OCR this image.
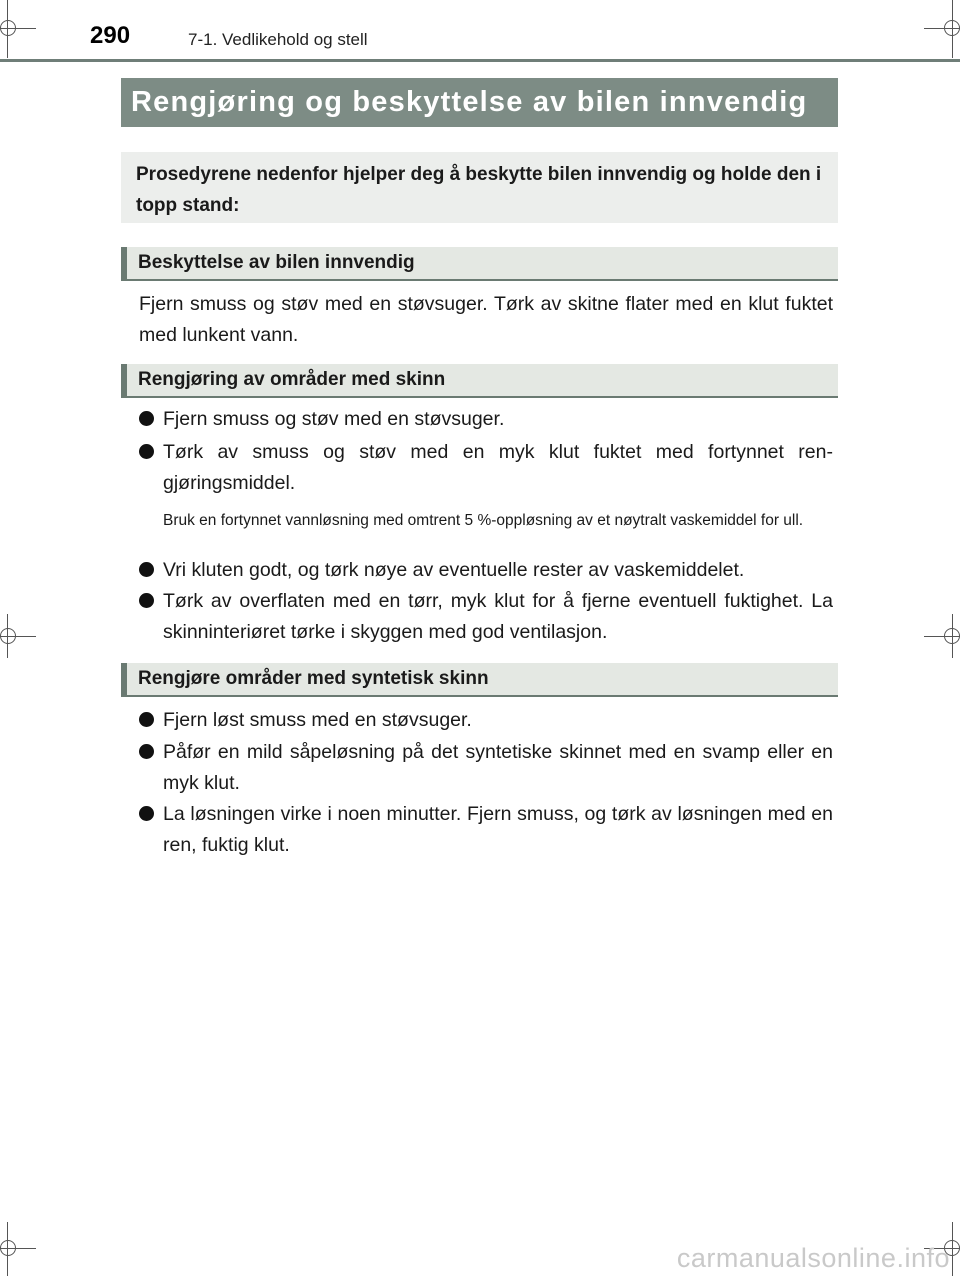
290	7-1. Vedlikehold og stell
Rengjøring og beskyttelse av bilen innvendig
Prosedyrene nedenfor hjelper deg å beskytte bilen innvendig og holde den i topp stand:
Beskyttelse av bilen innvendig
Fjern smuss og støv med en støvsuger. Tørk av skitne flater med en klut fuktet med lunkent vann.
Rengjøring av områder med skinn
Fjern smuss og støv med en støvsuger.
Tørk av smuss og støv med en myk klut fuktet med fortynnet ren-gjøringsmiddel.
Bruk en fortynnet vannløsning med omtrent 5 %-oppløsning av et nøytralt vaskemiddel for ull.
Vri kluten godt, og tørk nøye av eventuelle rester av vaskemiddelet.
Tørk av overflaten med en tørr, myk klut for å fjerne eventuell fuktighet. La skinninteriøret tørke i skyggen med god ventilasjon.
Rengjøre områder med syntetisk skinn
Fjern løst smuss med en støvsuger.
Påfør en mild såpeløsning på det syntetiske skinnet med en svamp eller en myk klut.
La løsningen virke i noen minutter. Fjern smuss, og tørk av løsningen med en ren, fuktig klut.
carmanualsonline.info
